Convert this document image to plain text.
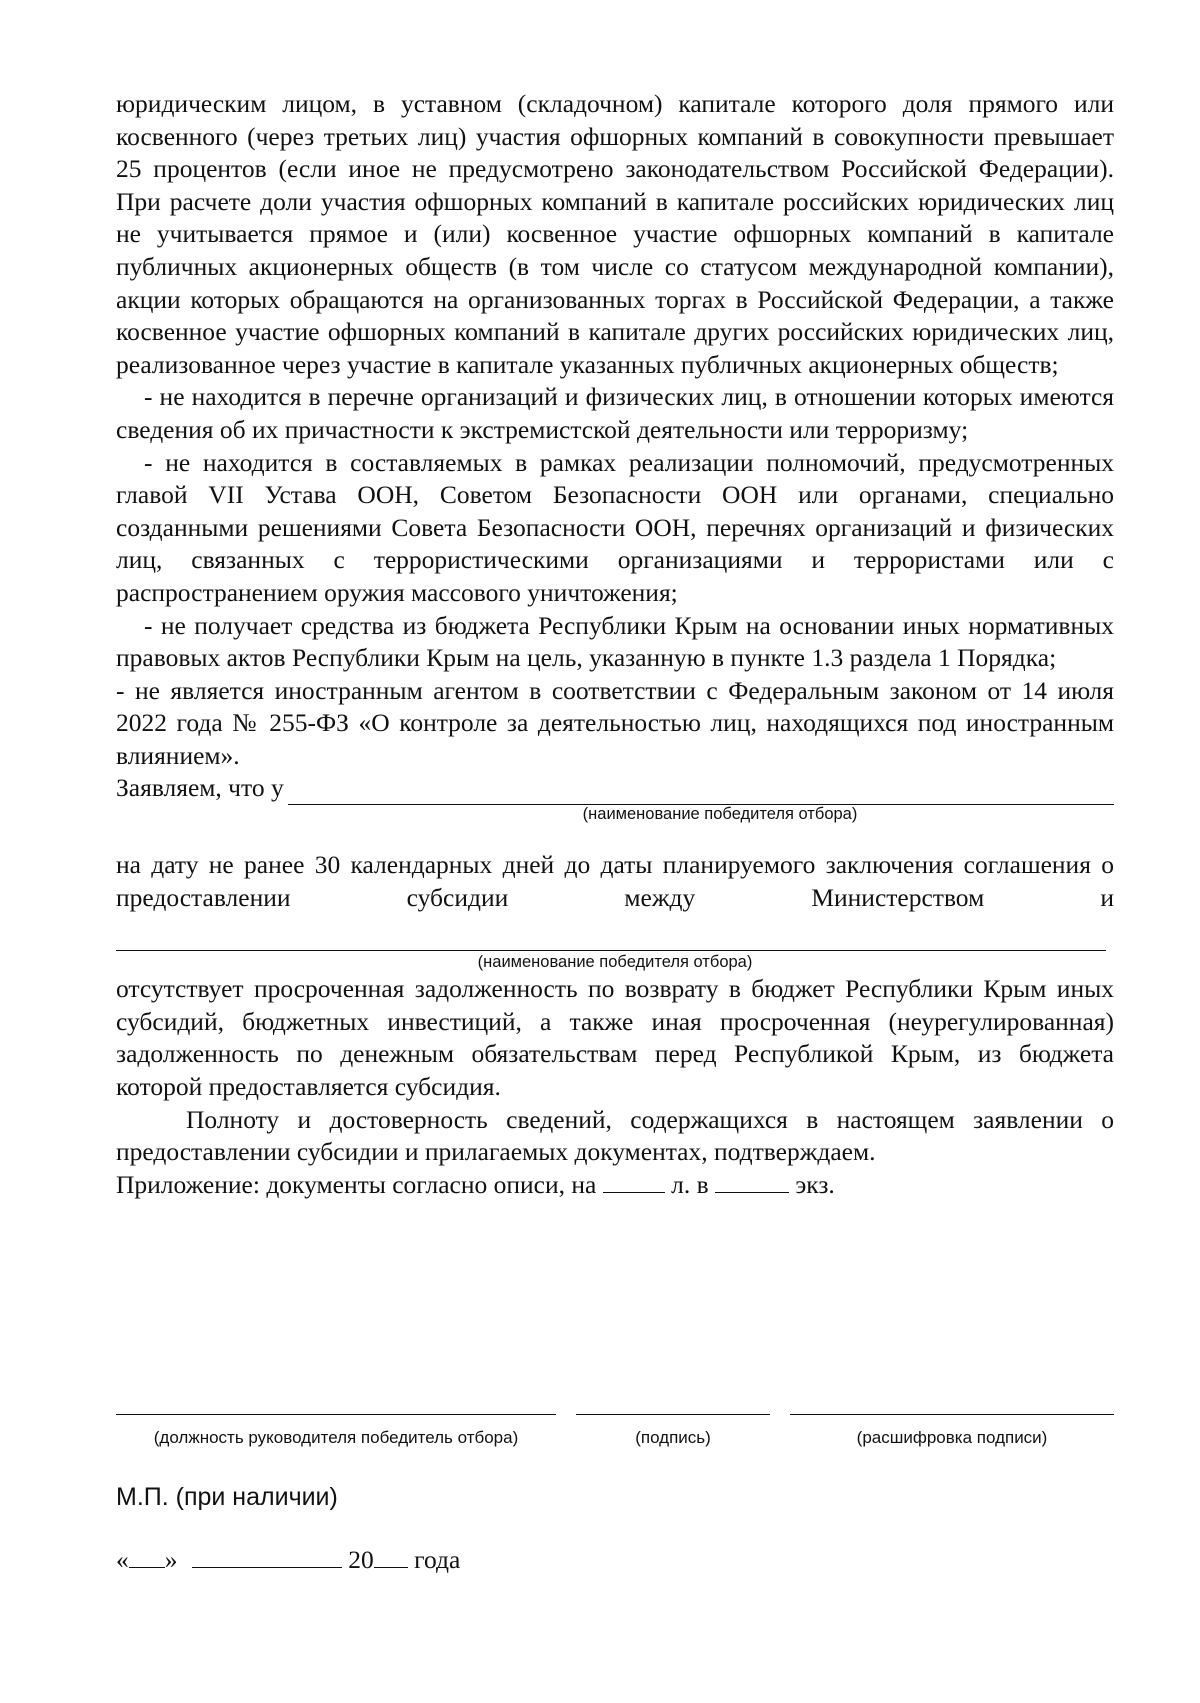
юридическим лицом, в уставном (складочном) капитале которого доля прямого или косвенного (через третьих лиц) участия офшорных компаний в совокупности превышает 25 процентов (если иное не предусмотрено законодательством Российской Федерации). При расчете доли участия офшорных компаний в капитале российских юридических лиц не учитывается прямое и (или) косвенное участие офшорных компаний в капитале публичных акционерных обществ (в том числе со статусом международной компании), акции которых обращаются на организованных торгах в Российской Федерации, а также косвенное участие офшорных компаний в капитале других российских юридических лиц, реализованное через участие в капитале указанных публичных акционерных обществ;

- не находится в перечне организаций и физических лиц, в отношении которых имеются сведения об их причастности к экстремистской деятельности или терроризму;

- не находится в составляемых в рамках реализации полномочий, предусмотренных главой VII Устава ООН, Советом Безопасности ООН или органами, специально созданными решениями Совета Безопасности ООН, перечнях организаций и физических лиц, связанных с террористическими организациями и террористами или с распространением оружия массового уничтожения;

- не получает средства из бюджета Республики Крым на основании иных нормативных правовых актов Республики Крым на цель, указанную в пункте 1.3 раздела 1 Порядка;

- не является иностранным агентом в соответствии с Федеральным законом от 14 июля 2022 года № 255-ФЗ «О контроле за деятельностью лиц, находящихся под иностранным влиянием».

Заявляем, что у
(наименование победителя отбора)

на дату не ранее 30 календарных дней до даты планируемого заключения соглашения о предоставлении субсидии между Министерством и

(наименование победителя отбора)

отсутствует просроченная задолженность по возврату в бюджет Республики Крым иных субсидий, бюджетных инвестиций, а также иная просроченная (неурегулированная) задолженность по денежным обязательствам перед Республикой Крым, из бюджета которой предоставляется субсидия.

Полноту и достоверность сведений, содержащихся в настоящем заявлении о предоставлении субсидии и прилагаемых документах, подтверждаем.

Приложение: документы согласно описи, на	л. в	экз.
(должность руководителя победитель отбора)	(подпись)	(расшифровка подписи)
М.П. (при наличии)
« »	20 года
